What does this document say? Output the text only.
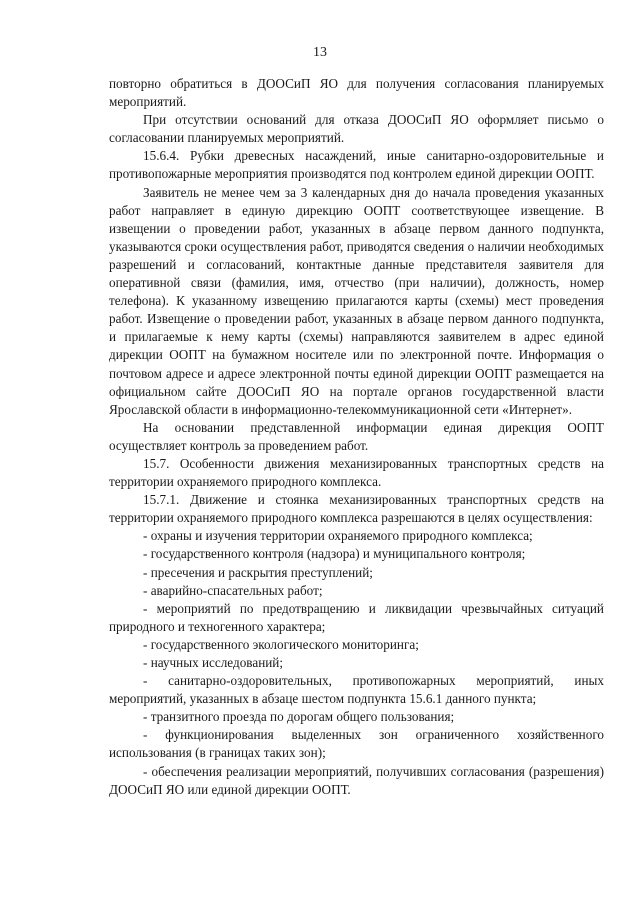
13

повторно обратиться в ДООСиП ЯО для получения согласования планируемых мероприятий.

При отсутствии оснований для отказа ДООСиП ЯО оформляет письмо о согласовании планируемых мероприятий.

15.6.4. Рубки древесных насаждений, иные санитарно-оздоровительные и противопожарные мероприятия производятся под контролем единой дирекции ООПТ.

Заявитель не менее чем за 3 календарных дня до начала проведения указанных работ направляет в единую дирекцию ООПТ соответствующее извещение. В извещении о проведении работ, указанных в абзаце первом данного подпункта, указываются сроки осуществления работ, приводятся сведения о наличии необходимых разрешений и согласований, контактные данные представителя заявителя для оперативной связи (фамилия, имя, отчество (при наличии), должность, номер телефона). К указанному извещению прилагаются карты (схемы) мест проведения работ. Извещение о проведении работ, указанных в абзаце первом данного подпункта, и прилагаемые к нему карты (схемы) направляются заявителем в адрес единой дирекции ООПТ на бумажном носителе или по электронной почте. Информация о почтовом адресе и адресе электронной почты единой дирекции ООПТ размещается на официальном сайте ДООСиП ЯО на портале органов государственной власти Ярославской области в информационно-телекоммуникационной сети «Интернет».

На основании представленной информации единая дирекция ООПТ осуществляет контроль за проведением работ.

15.7. Особенности движения механизированных транспортных средств на территории охраняемого природного комплекса.

15.7.1. Движение и стоянка механизированных транспортных средств на территории охраняемого природного комплекса разрешаются в целях осуществления:

- охраны и изучения территории охраняемого природного комплекса;

- государственного контроля (надзора) и муниципального контроля;

- пресечения и раскрытия преступлений;

- аварийно-спасательных работ;

- мероприятий по предотвращению и ликвидации чрезвычайных ситуаций природного и техногенного характера;

- государственного экологического мониторинга;

- научных исследований;

- санитарно-оздоровительных, противопожарных мероприятий, иных мероприятий, указанных в абзаце шестом подпункта 15.6.1 данного пункта;

- транзитного проезда по дорогам общего пользования;

- функционирования выделенных зон ограниченного хозяйственного использования (в границах таких зон);

- обеспечения реализации мероприятий, получивших согласования (разрешения) ДООСиП ЯО или единой дирекции ООПТ.
